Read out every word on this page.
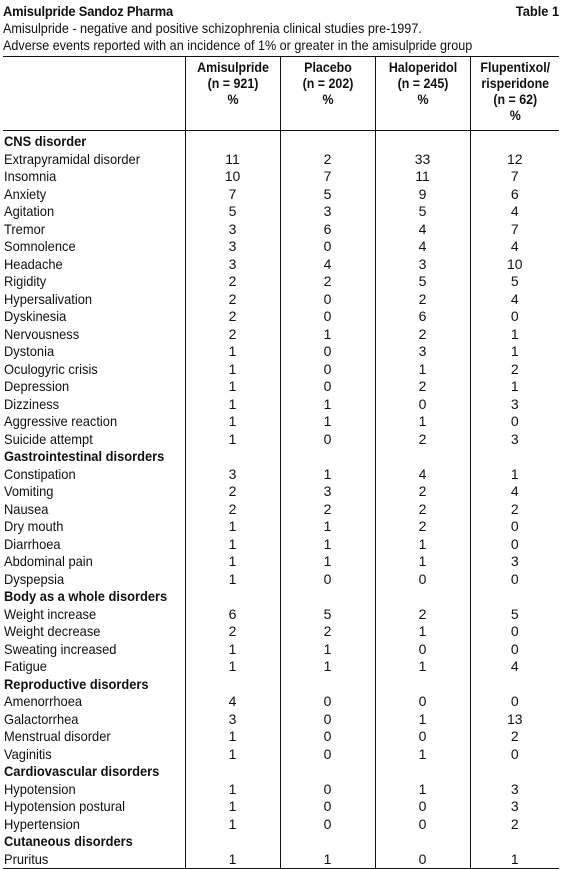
Amisulpride Sandoz Pharma	Table 1
Amisulpride - negative and positive schizophrenia clinical studies pre-1997.
Adverse events reported with an incidence of 1% or greater in the amisulpride group

	Amisulpride
(n = 921)
%	Placebo
(n = 202)
%	Haloperidol
(n = 245)
%	Flupentixol/
risperidone
(n = 62)
%

CNS disorder				
Extrapyramidal disorder	11	2	33	12
Insomnia	10	7	11	7
Anxiety	7	5	9	6
Agitation	5	3	5	4
Tremor	3	6	4	7
Somnolence	3	0	4	4
Headache	3	4	3	10
Rigidity	2	2	5	5
Hypersalivation	2	0	2	4
Dyskinesia	2	0	6	0
Nervousness	2	1	2	1
Dystonia	1	0	3	1
Oculogyric crisis	1	0	1	2
Depression	1	0	2	1
Dizziness	1	1	0	3
Aggressive reaction	1	1	1	0
Suicide attempt	1	0	2	3
Gastrointestinal disorders				
Constipation	3	1	4	1
Vomiting	2	3	2	4
Nausea	2	2	2	2
Dry mouth	1	1	2	0
Diarrhoea	1	1	1	0
Abdominal pain	1	1	1	3
Dyspepsia	1	0	0	0
Body as a whole disorders				
Weight increase	6	5	2	5
Weight decrease	2	2	1	0
Sweating increased	1	1	0	0
Fatigue	1	1	1	4
Reproductive disorders				
Amenorrhoea	4	0	0	0
Galactorrhea	3	0	1	13
Menstrual disorder	1	0	0	2
Vaginitis	1	0	1	0
Cardiovascular disorders				
Hypotension	1	0	1	3
Hypotension postural	1	0	0	3
Hypertension	1	0	0	2
Cutaneous disorders				
Pruritus	1	1	0	1
